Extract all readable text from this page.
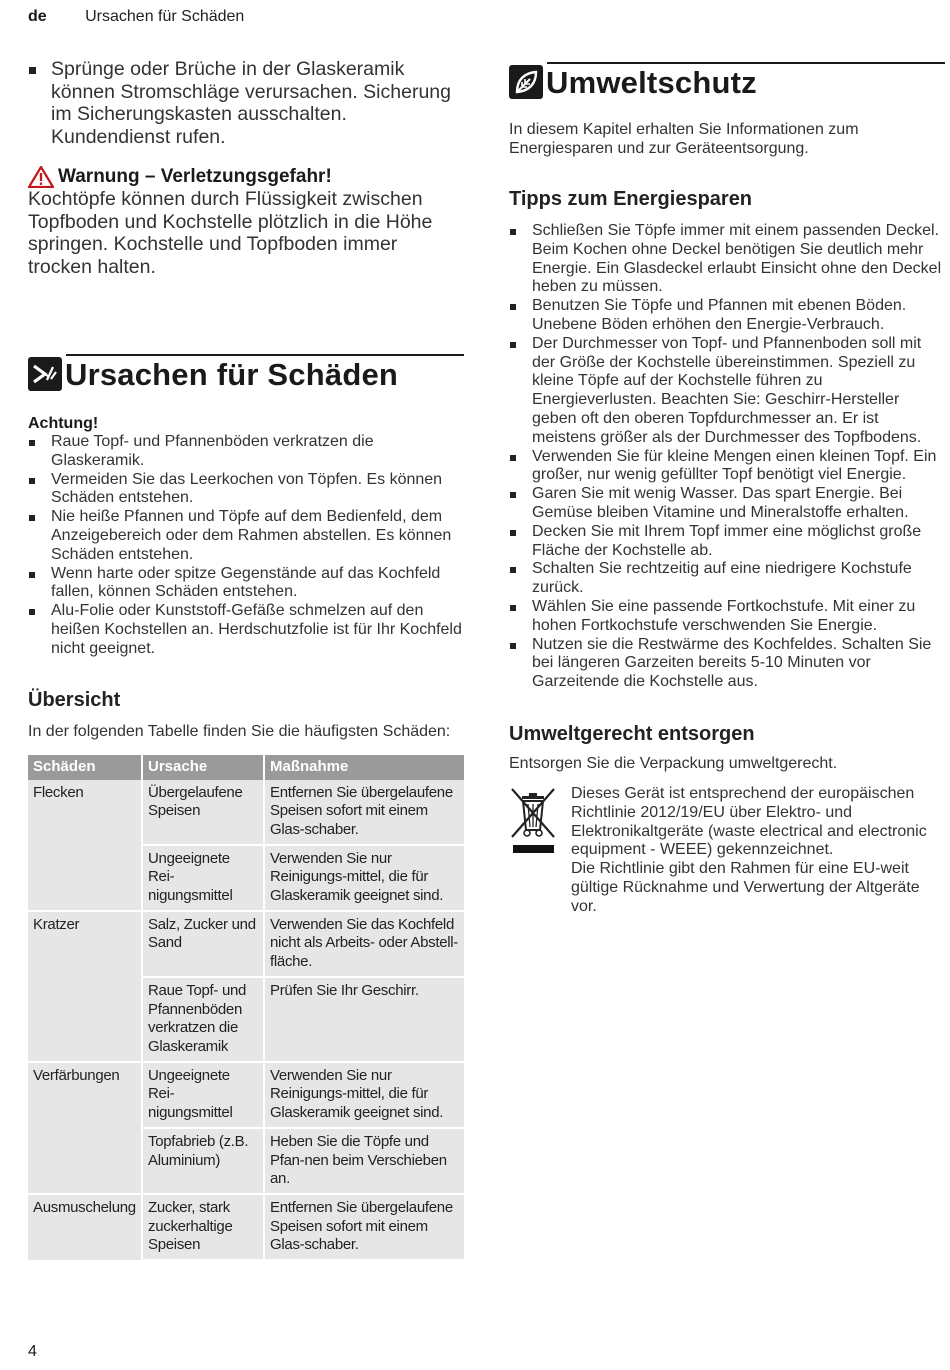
de Ursachen für Schäden
Sprünge oder Brüche in der Glaskeramik können Stromschläge verursachen. Sicherung im Sicherungskasten ausschalten. Kundendienst rufen.
Warnung – Verletzungsgefahr!
Kochtöpfe können durch Flüssigkeit zwischen Topfboden und Kochstelle plötzlich in die Höhe springen. Kochstelle und Topfboden immer trocken halten.
Ursachen für Schäden
Achtung!
Raue Topf- und Pfannenböden verkratzen die Glaskeramik.
Vermeiden Sie das Leerkochen von Töpfen. Es können Schäden entstehen.
Nie heiße Pfannen und Töpfe auf dem Bedienfeld, dem Anzeigebereich oder dem Rahmen abstellen. Es können Schäden entstehen.
Wenn harte oder spitze Gegenstände auf das Kochfeld fallen, können Schäden entstehen.
Alu-Folie oder Kunststoff-Gefäße schmelzen auf den heißen Kochstellen an. Herdschutzfolie ist für Ihr Kochfeld nicht geeignet.
Übersicht
In der folgenden Tabelle finden Sie die häufigsten Schäden:
Schäden	Ursache	Maßnahme
Flecken	Übergelaufene Speisen	Entfernen Sie übergelaufene Speisen sofort mit einem Glas-schaber.
	Ungeeignete Rei-nigungsmittel	Verwenden Sie nur Reinigungs-mittel, die für Glaskeramik geeignet sind.
Kratzer	Salz, Zucker und Sand	Verwenden Sie das Kochfeld nicht als Arbeits- oder Abstell-fläche.
	Raue Topf- und Pfannenböden verkratzen die Glaskeramik	Prüfen Sie Ihr Geschirr.
Verfärbungen	Ungeeignete Rei-nigungsmittel	Verwenden Sie nur Reinigungs-mittel, die für Glaskeramik geeignet sind.
	Topfabrieb (z.B. Aluminium)	Heben Sie die Töpfe und Pfan-nen beim Verschieben an.
Ausmuschelung	Zucker, stark zuckerhaltige Speisen	Entfernen Sie übergelaufene Speisen sofort mit einem Glas-schaber.
Umweltschutz
In diesem Kapitel erhalten Sie Informationen zum Energiesparen und zur Geräteentsorgung.
Tipps zum Energiesparen
Schließen Sie Töpfe immer mit einem passenden Deckel. Beim Kochen ohne Deckel benötigen Sie deutlich mehr Energie. Ein Glasdeckel erlaubt Einsicht ohne den Deckel heben zu müssen.
Benutzen Sie Töpfe und Pfannen mit ebenen Böden. Unebene Böden erhöhen den Energie-Verbrauch.
Der Durchmesser von Topf- und Pfannenboden soll mit der Größe der Kochstelle übereinstimmen. Speziell zu kleine Töpfe auf der Kochstelle führen zu Energieverlusten. Beachten Sie: Geschirr-Hersteller geben oft den oberen Topfdurchmesser an. Er ist meistens größer als der Durchmesser des Topfbodens.
Verwenden Sie für kleine Mengen einen kleinen Topf. Ein großer, nur wenig gefüllter Topf benötigt viel Energie.
Garen Sie mit wenig Wasser. Das spart Energie. Bei Gemüse bleiben Vitamine und Mineralstoffe erhalten.
Decken Sie mit Ihrem Topf immer eine möglichst große Fläche der Kochstelle ab.
Schalten Sie rechtzeitig auf eine niedrigere Kochstufe zurück.
Wählen Sie eine passende Fortkochstufe. Mit einer zu hohen Fortkochstufe verschwenden Sie Energie.
Nutzen sie die Restwärme des Kochfeldes. Schalten Sie bei längeren Garzeiten bereits 5-10 Minuten vor Garzeitende die Kochstelle aus.
Umweltgerecht entsorgen
Entsorgen Sie die Verpackung umweltgerecht.
Dieses Gerät ist entsprechend der europäischen Richtlinie 2012/19/EU über Elektro- und Elektronikaltgeräte (waste electrical and electronic equipment - WEEE) gekennzeichnet.
Die Richtlinie gibt den Rahmen für eine EU-weit gültige Rücknahme und Verwertung der Altgeräte vor.
4
